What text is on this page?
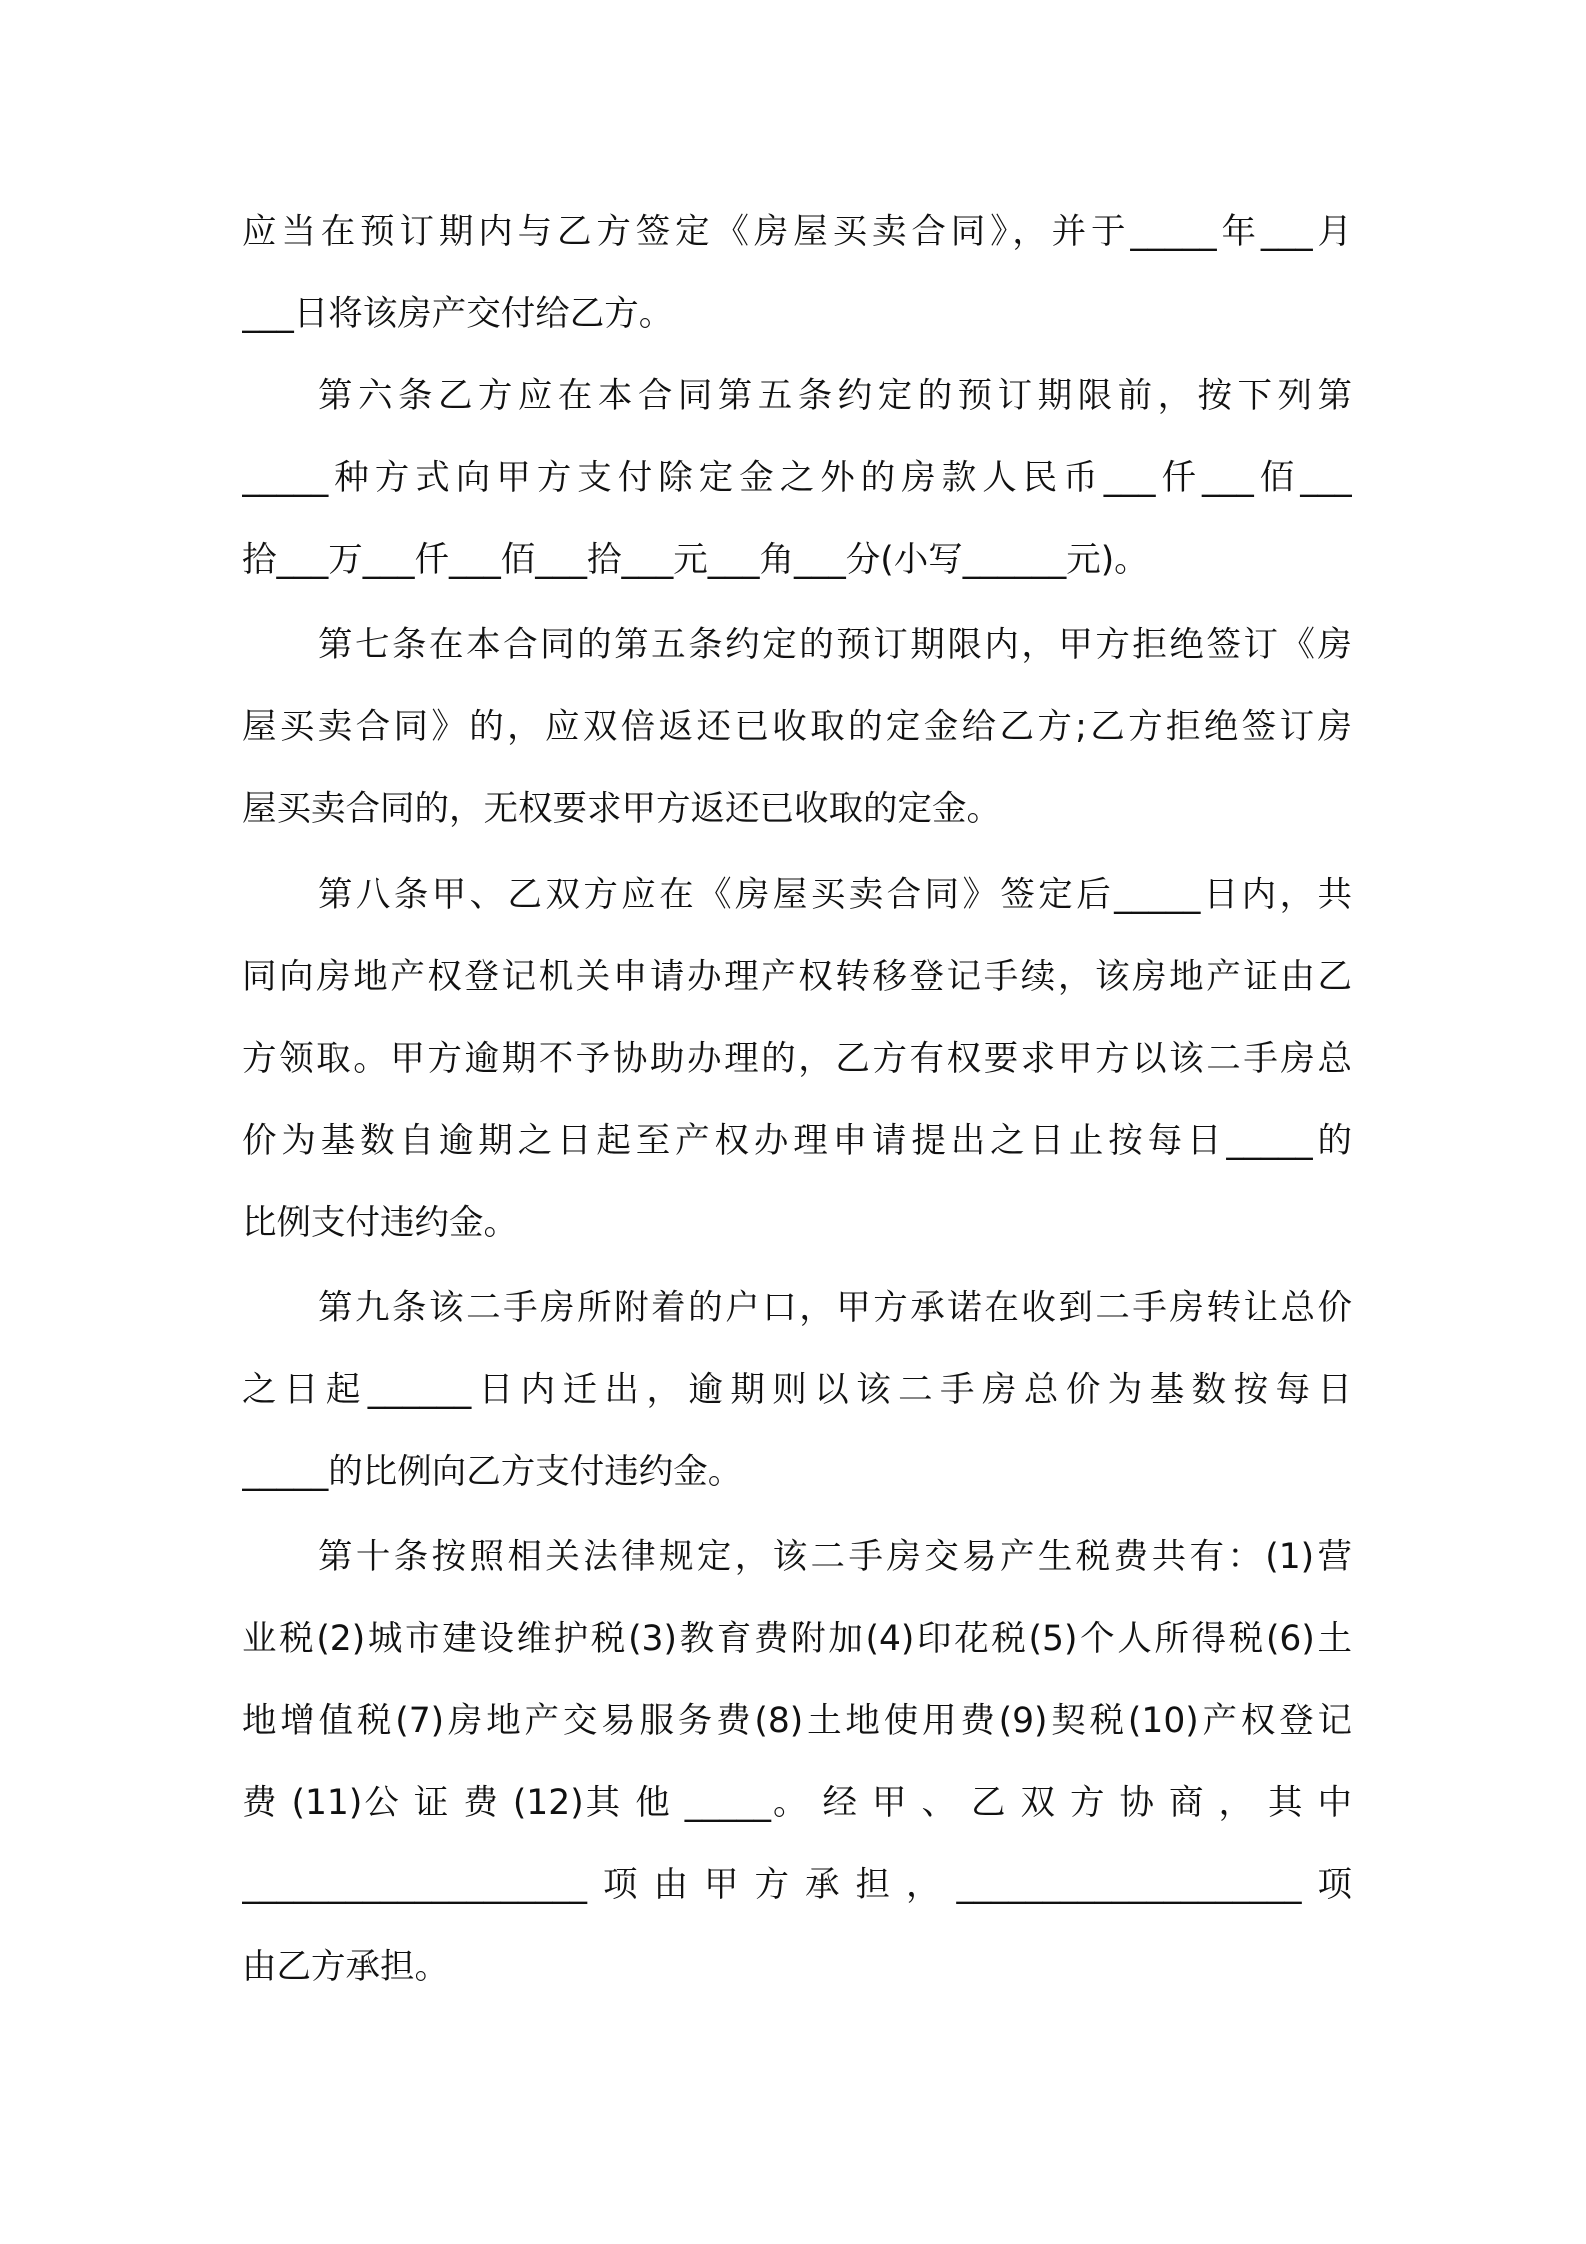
应当在预订期内与乙方签定《房屋买卖合同》，并于_____年___月
___日将该房产交付给乙方。
第六条乙方应在本合同第五条约定的预订期限前，按下列第
_____种方式向甲方支付除定金之外的房款人民币___仟___佰___
拾___万___仟___佰___拾___元___角___分(小写______元)。
第七条在本合同的第五条约定的预订期限内，甲方拒绝签订《房
屋买卖合同》的，应双倍返还已收取的定金给乙方;乙方拒绝签订房
屋买卖合同的，无权要求甲方返还已收取的定金。
第八条甲、乙双方应在《房屋买卖合同》签定后_____日内，共
同向房地产权登记机关申请办理产权转移登记手续，该房地产证由乙
方领取。甲方逾期不予协助办理的，乙方有权要求甲方以该二手房总
价为基数自逾期之日起至产权办理申请提出之日止按每日_____的
比例支付违约金。
第九条该二手房所附着的户口，甲方承诺在收到二手房转让总价
之日起______日内迁出，逾期则以该二手房总价为基数按每日
_____的比例向乙方支付违约金。
第十条按照相关法律规定，该二手房交易产生税费共有：(1)营
业税(2)城市建设维护税(3)教育费附加(4)印花税(5)个人所得税(6)土
地增值税(7)房地产交易服务费(8)土地使用费(9)契税(10)产权登记
费 (11)公 证 费 (12)其 他 _____。 经 甲 、 乙 双 方 协 商 ， 其 中
____________________项由甲方承担，____________________项
由乙方承担。
